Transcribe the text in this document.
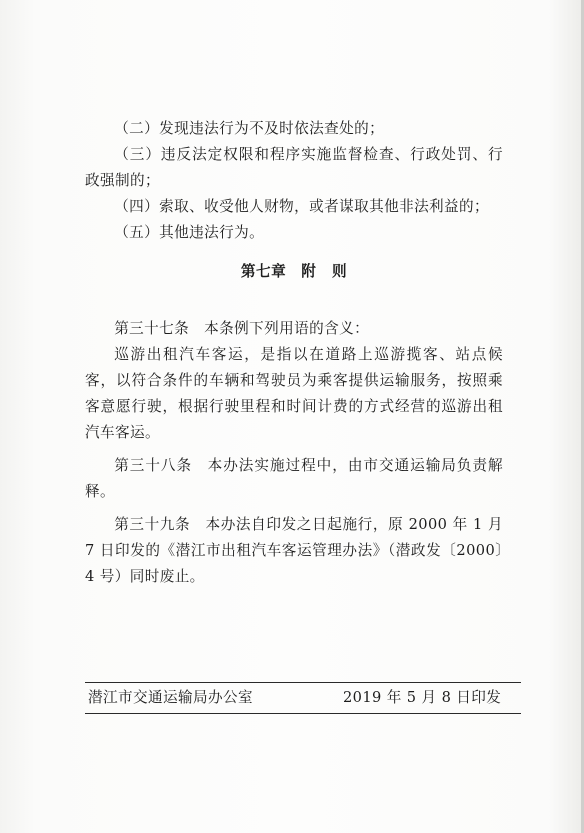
（二）发现违法行为不及时依法查处的；

（三）违反法定权限和程序实施监督检查、行政处罚、行政强制的；

（四）索取、收受他人财物，或者谋取其他非法利益的；

（五）其他违法行为。

第七章　附 则

第三十七条　本条例下列用语的含义：

巡游出租汽车客运，是指以在道路上巡游揽客、站点候客，以符合条件的车辆和驾驶员为乘客提供运输服务，按照乘客意愿行驶，根据行驶里程和时间计费的方式经营的巡游出租汽车客运。

第三十八条　本办法实施过程中，由市交通运输局负责解释。

第三十九条　本办法自印发之日起施行，原 2000 年 1 月 7 日印发的《潜江市出租汽车客运管理办法》（潜政发〔2000〕4 号）同时废止。

潜江市交通运输局办公室	2019 年 5 月 8 日印发
